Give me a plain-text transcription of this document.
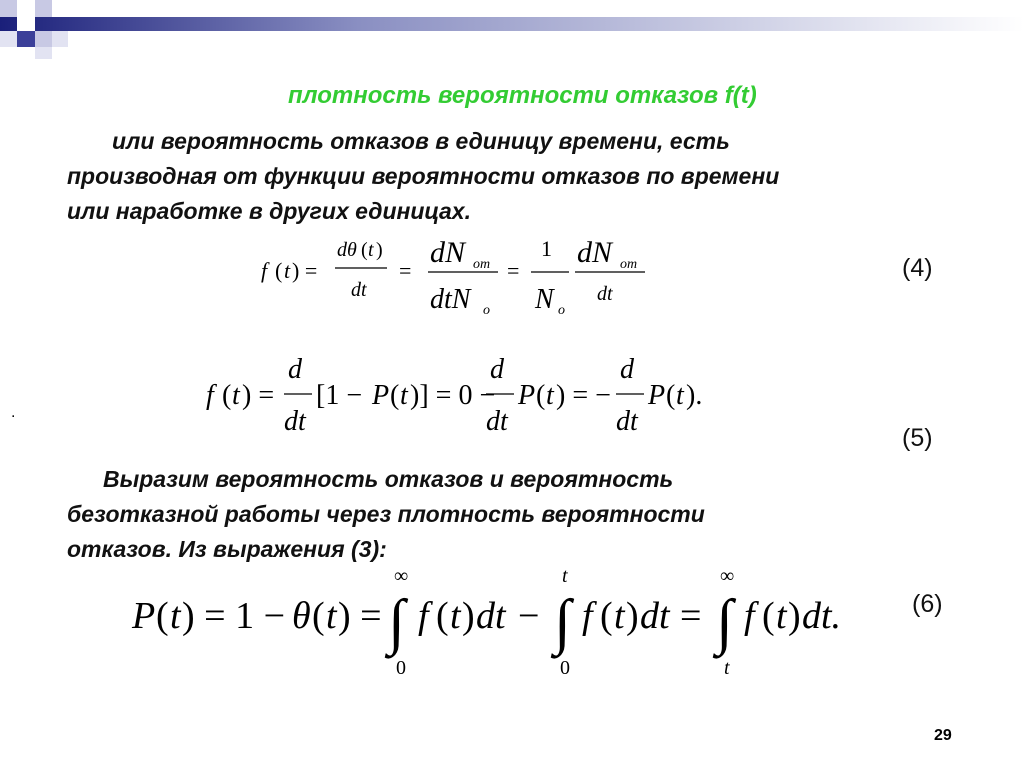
плотность вероятности отказов f(t)
или вероятность отказов в единицу времени, есть
производная от функции вероятности отказов по времени
или наработке в других единицах.
f ( t ) =
dθ ( t )
dt
=
dN om
dtN o
=
1
N o
dN om
dt
(4)
f ( t ) =
d
dt
[1 − P ( t )] = 0 −
d
dt
P ( t ) = −
d
dt
P ( t ).
.
(5)
Выразим вероятность отказов и вероятность
безотказной работы через плотность вероятности
отказов. Из выражения (3):
P ( t ) = 1 − θ ( t ) =
∞
∫
0
f ( t ) dt −
t
∫
0
f ( t ) dt =
∞
∫
t
f ( t ) dt.	(6)
29
